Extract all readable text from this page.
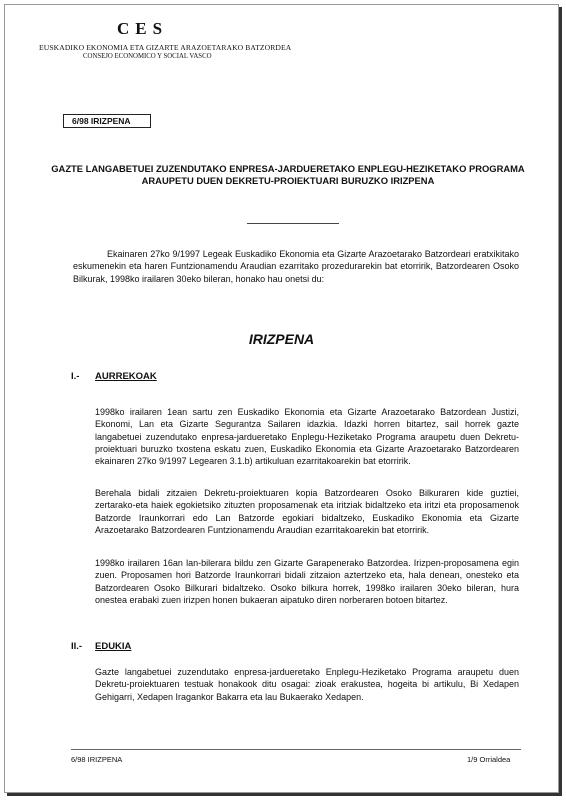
CES
EUSKADIKO EKONOMIA ETA GIZARTE ARAZOETARAKO BATZORDEA
CONSEJO ECONOMICO Y SOCIAL VASCO
6/98 IRIZPENA
GAZTE LANGABETUEI ZUZENDUTAKO ENPRESA-JARDUERETAKO ENPLEGU-HEZIKETAKO PROGRAMA ARAUPETU DUEN DEKRETU-PROIEKTUARI BURUZKO IRIZPENA
Ekainaren 27ko 9/1997 Legeak Euskadiko Ekonomia eta Gizarte Arazoetarako Batzordeari eratxikitako eskumenekin eta haren Funtzionamendu Araudian ezarritako prozedurarekin bat etorririk, Batzordearen Osoko Bilkurak, 1998ko irailaren 30eko bileran, honako hau onetsi du:
IRIZPENA
I.- AURREKOAK
1998ko irailaren 1ean sartu zen Euskadiko Ekonomia eta Gizarte Arazoetarako Batzordean Justizi, Ekonomi, Lan eta Gizarte Segurantza Sailaren idazkia. Idazki horren bitartez, sail horrek gazte langabetuei zuzendutako enpresa-jardueretako Enplegu-Heziketako Programa araupetu duen Dekretu-proiektuari buruzko txostena eskatu zuen, Euskadiko Ekonomia eta Gizarte Arazoetarako Batzordearen ekainaren 27ko 9/1997 Legearen 3.1.b) artikuluan ezarritakoarekin bat etorririk.
Berehala bidali zitzaien Dekretu-proiektuaren kopia Batzordearen Osoko Bilkuraren kide guztiei, zertarako-eta haiek egokietsiko zituzten proposamenak eta iritziak bidaltzeko eta iritzi eta proposamenok Batzorde Iraunkorrari edo Lan Batzorde egokiari bidaltzeko, Euskadiko Ekonomia eta Gizarte Arazoetarako Batzordearen Funtzionamendu Araudian ezarritakoarekin bat etorririk.
1998ko irailaren 16an lan-bilerara bildu zen Gizarte Garapenerako Batzordea. Irizpen-proposamena egin zuen. Proposamen hori Batzorde Iraunkorrari bidali zitzaion aztertzeko eta, hala denean, onesteko eta Batzordearen Osoko Bilkurari bidaltzeko. Osoko bilkura horrek, 1998ko irailaren 30eko bileran, hura onestea erabaki zuen irizpen honen bukaeran aipatuko diren norberaren botoen bitartez.
II.- EDUKIA
Gazte langabetuei zuzendutako enpresa-jardueretako Enplegu-Heziketako Programa araupetu duen Dekretu-proiektuaren testuak honakook ditu osagai: zioak erakustea, hogeita bi artikulu, Bi Xedapen Gehigarri, Xedapen Iragankor Bakarra eta lau Bukaerako Xedapen.
6/98 IRIZPENA	1/9 Orrialdea
